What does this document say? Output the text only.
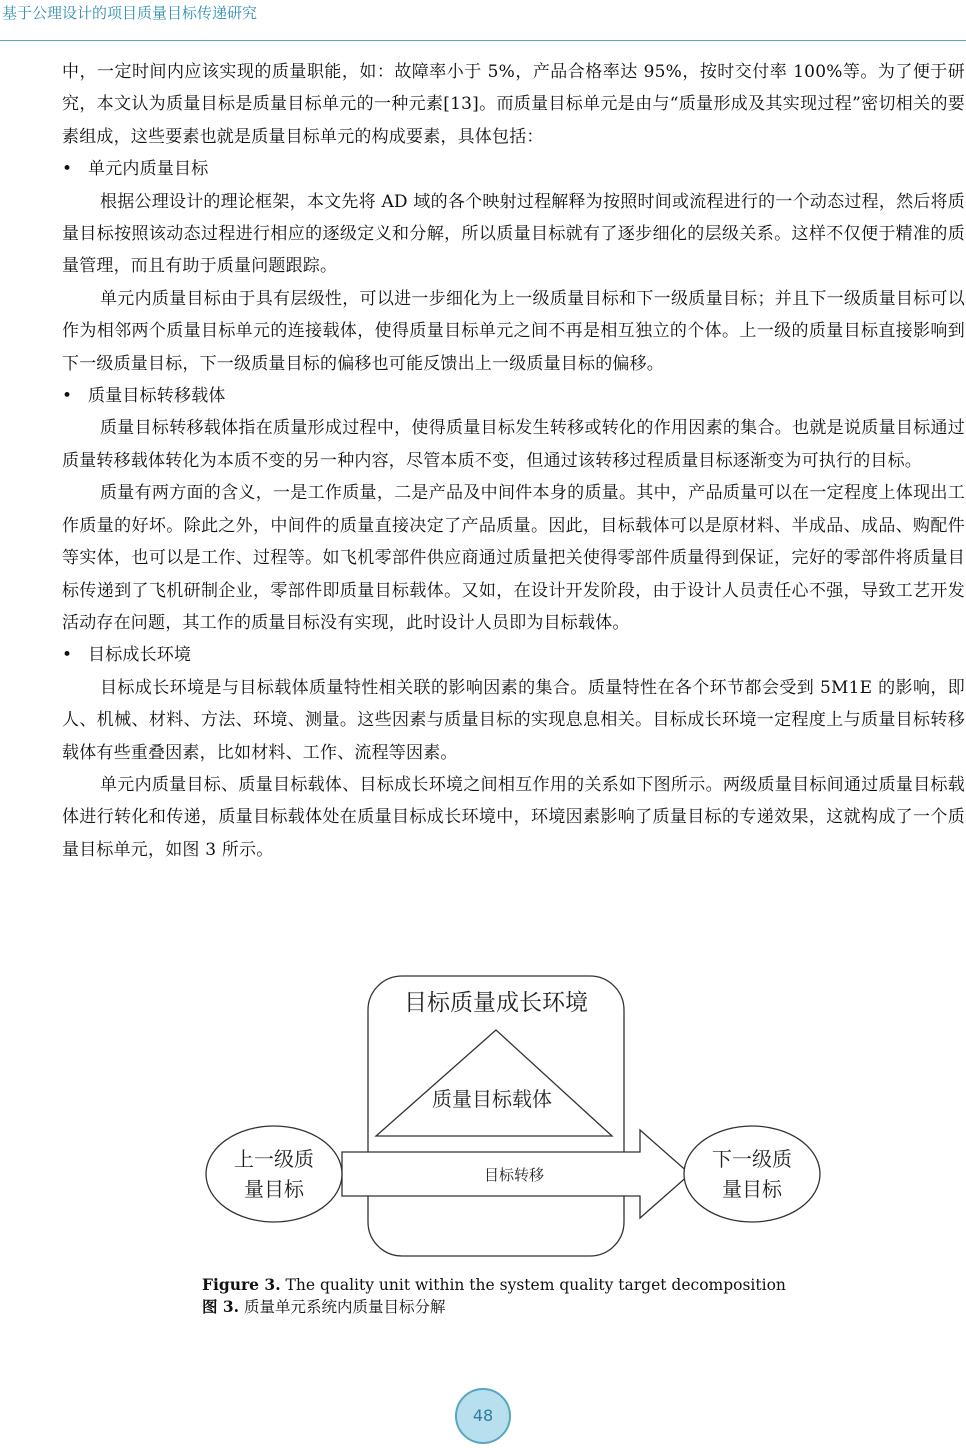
基于公理设计的项目质量目标传递研究

中，一定时间内应该实现的质量职能，如：故障率小于 5%，产品合格率达 95%，按时交付率 100%等。为了便于研究，本文认为质量目标是质量目标单元的一种元素[13]。而质量目标单元是由与“质量形成及其实现过程”密切相关的要素组成，这些要素也就是质量目标单元的构成要素，具体包括：

• 单元内质量目标

根据公理设计的理论框架，本文先将 AD 域的各个映射过程解释为按照时间或流程进行的一个动态过程，然后将质量目标按照该动态过程进行相应的逐级定义和分解，所以质量目标就有了逐步细化的层级关系。这样不仅便于精准的质量管理，而且有助于质量问题跟踪。

单元内质量目标由于具有层级性，可以进一步细化为上一级质量目标和下一级质量目标；并且下一级质量目标可以作为相邻两个质量目标单元的连接载体，使得质量目标单元之间不再是相互独立的个体。上一级的质量目标直接影响到下一级质量目标，下一级质量目标的偏移也可能反馈出上一级质量目标的偏移。

• 质量目标转移载体

质量目标转移载体指在质量形成过程中，使得质量目标发生转移或转化的作用因素的集合。也就是说质量目标通过质量转移载体转化为本质不变的另一种内容，尽管本质不变，但通过该转移过程质量目标逐渐变为可执行的目标。

质量有两方面的含义，一是工作质量，二是产品及中间件本身的质量。其中，产品质量可以在一定程度上体现出工作质量的好坏。除此之外，中间件的质量直接决定了产品质量。因此，目标载体可以是原材料、半成品、成品、购配件等实体，也可以是工作、过程等。如飞机零部件供应商通过质量把关使得零部件质量得到保证，完好的零部件将质量目标传递到了飞机研制企业，零部件即质量目标载体。又如，在设计开发阶段，由于设计人员责任心不强，导致工艺开发活动存在问题，其工作的质量目标没有实现，此时设计人员即为目标载体。

• 目标成长环境

目标成长环境是与目标载体质量特性相关联的影响因素的集合。质量特性在各个环节都会受到 5M1E 的影响，即人、机械、材料、方法、环境、测量。这些因素与质量目标的实现息息相关。目标成长环境一定程度上与质量目标转移载体有些重叠因素，比如材料、工作、流程等因素。

单元内质量目标、质量目标载体、目标成长环境之间相互作用的关系如下图所示。两级质量目标间通过质量目标载体进行转化和传递，质量目标载体处在质量目标成长环境中，环境因素影响了质量目标的专递效果，这就构成了一个质量目标单元，如图 3 所示。

目标质量成长环境
质量目标载体
目标转移
上一级质
量目标
下一级质
量目标
Figure 3. The quality unit within the system quality target decomposition
图 3. 质量单元系统内质量目标分解
48
